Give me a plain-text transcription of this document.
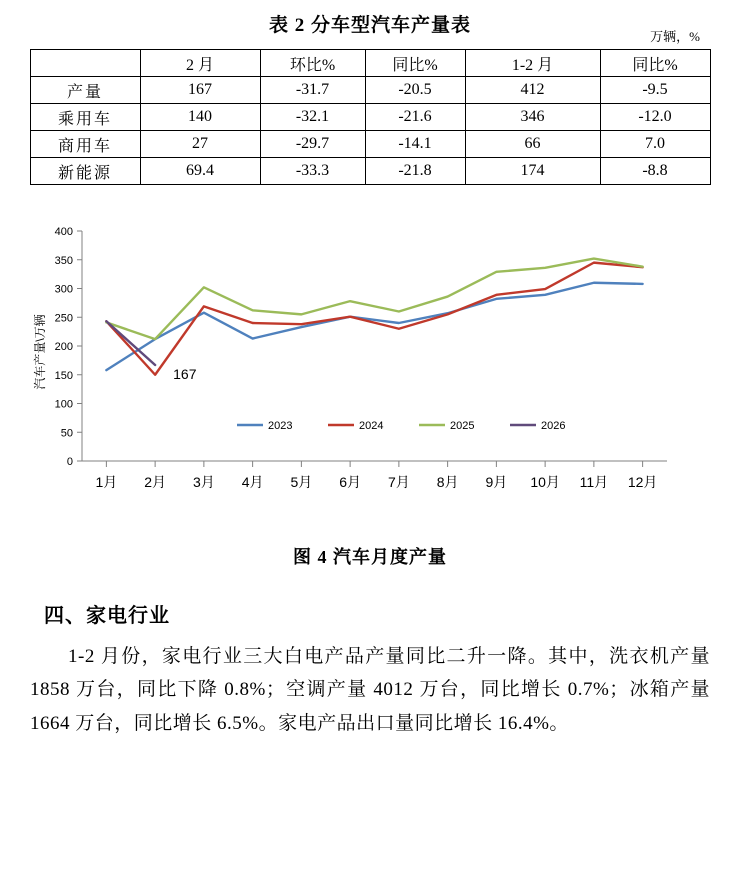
表 2 分车型汽车产量表
万辆，%
	2 月	环比%	同比%	1-2 月	同比%
产量	167	-31.7	-20.5	412	-9.5
乘用车	140	-32.1	-21.6	346	-12.0
商用车	27	-29.7	-14.1	66	7.0
新能源	69.4	-33.3	-21.8	174	-8.8
0
50
100
150
200
250
300
350
400
汽车产量\万辆
1月 2月 3月 4月 5月 6月 7月 8月 9月 10月 11月 12月
167
2023	2024	2025	2026
图 4 汽车月度产量
四、家电行业
1-2 月份，家电行业三大白电产品产量同比二升一降。其中，洗衣机产量 1858 万台，同比下降 0.8%；空调产量 4012 万台，同比增长 0.7%；冰箱产量 1664 万台，同比增长 6.5%。家电产品出口量同比增长 16.4%。
